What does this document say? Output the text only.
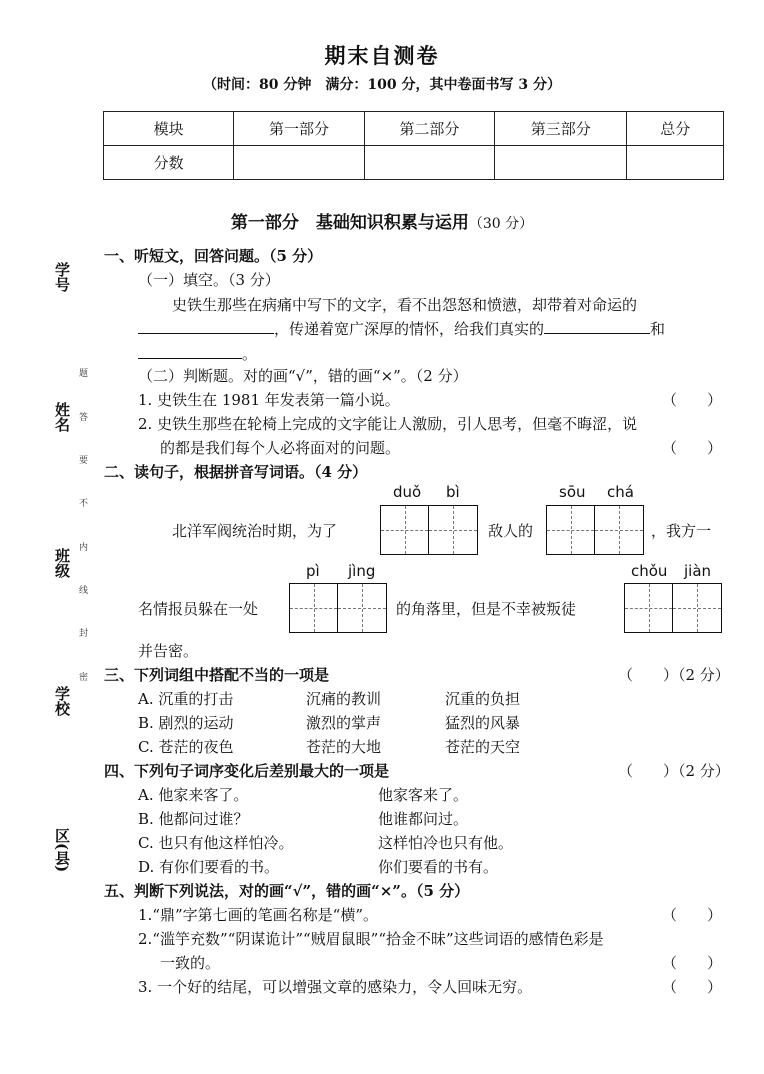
期末自测卷
（时间：80 分钟　满分：100 分，其中卷面书写 3 分）
模块	第一部分	第二部分	第三部分	总分
分数				
第一部分　基础知识积累与运用（30 分）
学号
姓名
班级
学校
区(县)
题
答
要
不
内
线
封
密
一、听短文，回答问题。（5 分）
（一）填空。（3 分）
史铁生那些在病痛中写下的文字，看不出怨怒和愤懑，却带着对命运的
，传递着宽广深厚的情怀，给我们真实的	和
。
（二）判断题。对的画“√”，错的画“×”。（2 分）
1. 史铁生在 1981 年发表第一篇小说。	（　　）
2. 史铁生那些在轮椅上完成的文字能让人激励，引人思考，但毫不晦涩，说
的都是我们每个人必将面对的问题。	（　　）
二、读句子，根据拼音写词语。（4 分）
duǒ bì	sōu chá
北洋军阀统治时期，为了	敌人的	，我方一
pì jìng	chǒu jiàn
名情报员躲在一处	的角落里，但是不幸被叛徒
并告密。
三、下列词组中搭配不当的一项是	（　　）（2 分）
A. 沉重的打击	沉痛的教训	沉重的负担
B. 剧烈的运动	激烈的掌声	猛烈的风暴
C. 苍茫的夜色	苍茫的大地	苍茫的天空
四、下列句子词序变化后差别最大的一项是	（　　）（2 分）
A. 他家来客了。	他家客来了。
B. 他都问过谁？	他谁都问过。
C. 也只有他这样怕冷。	这样怕冷也只有他。
D. 有你们要看的书。	你们要看的书有。
五、判断下列说法，对的画“√”，错的画“×”。（5 分）
1.“鼎”字第七画的笔画名称是“横”。	（　　）
2.“滥竽充数”“阴谋诡计”“贼眉鼠眼”“拾金不昧”这些词语的感情色彩是
一致的。	（　　）
3. 一个好的结尾，可以增强文章的感染力，令人回味无穷。	（　　）
